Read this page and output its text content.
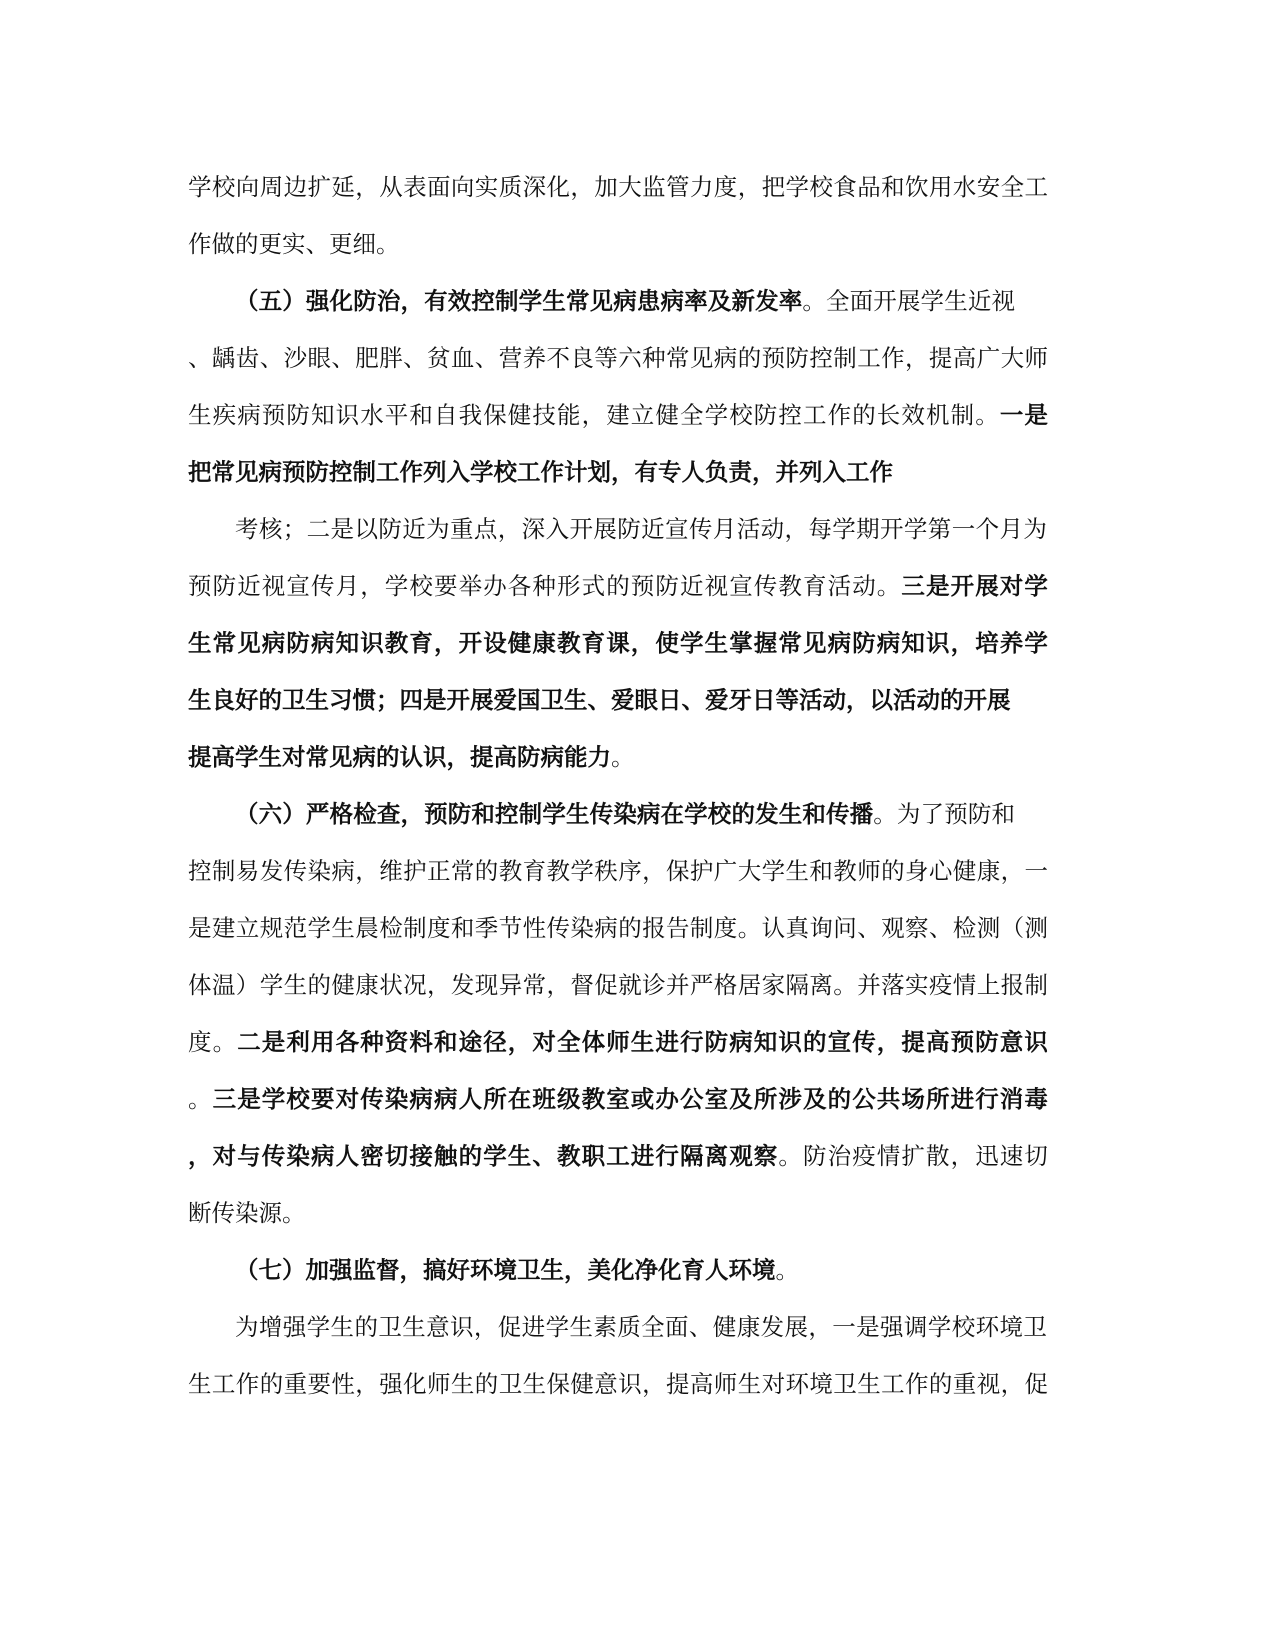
学校向周边扩延，从表面向实质深化，加大监管力度，把学校食品和饮用水安全工
作做的更实、更细。
（五）强化防治，有效控制学生常见病患病率及新发率。全面开展学生近视
、龋齿、沙眼、肥胖、贫血、营养不良等六种常见病的预防控制工作，提高广大师
生疾病预防知识水平和自我保健技能，建立健全学校防控工作的长效机制。一是
把常见病预防控制工作列入学校工作计划，有专人负责，并列入工作
考核；二是以防近为重点，深入开展防近宣传月活动，每学期开学第一个月为
预防近视宣传月，学校要举办各种形式的预防近视宣传教育活动。三是开展对学
生常见病防病知识教育，开设健康教育课，使学生掌握常见病防病知识，培养学
生良好的卫生习惯；四是开展爱国卫生、爱眼日、爱牙日等活动，以活动的开展
提高学生对常见病的认识，提高防病能力。
（六）严格检查，预防和控制学生传染病在学校的发生和传播。为了预防和
控制易发传染病，维护正常的教育教学秩序，保护广大学生和教师的身心健康，一
是建立规范学生晨检制度和季节性传染病的报告制度。认真询问、观察、检测（测
体温）学生的健康状况，发现异常，督促就诊并严格居家隔离。并落实疫情上报制
度。二是利用各种资料和途径，对全体师生进行防病知识的宣传，提高预防意识
。三是学校要对传染病病人所在班级教室或办公室及所涉及的公共场所进行消毒
，对与传染病人密切接触的学生、教职工进行隔离观察。防治疫情扩散，迅速切
断传染源。
（七）加强监督，搞好环境卫生，美化净化育人环境。
为增强学生的卫生意识，促进学生素质全面、健康发展，一是强调学校环境卫
生工作的重要性，强化师生的卫生保健意识，提高师生对环境卫生工作的重视，促
